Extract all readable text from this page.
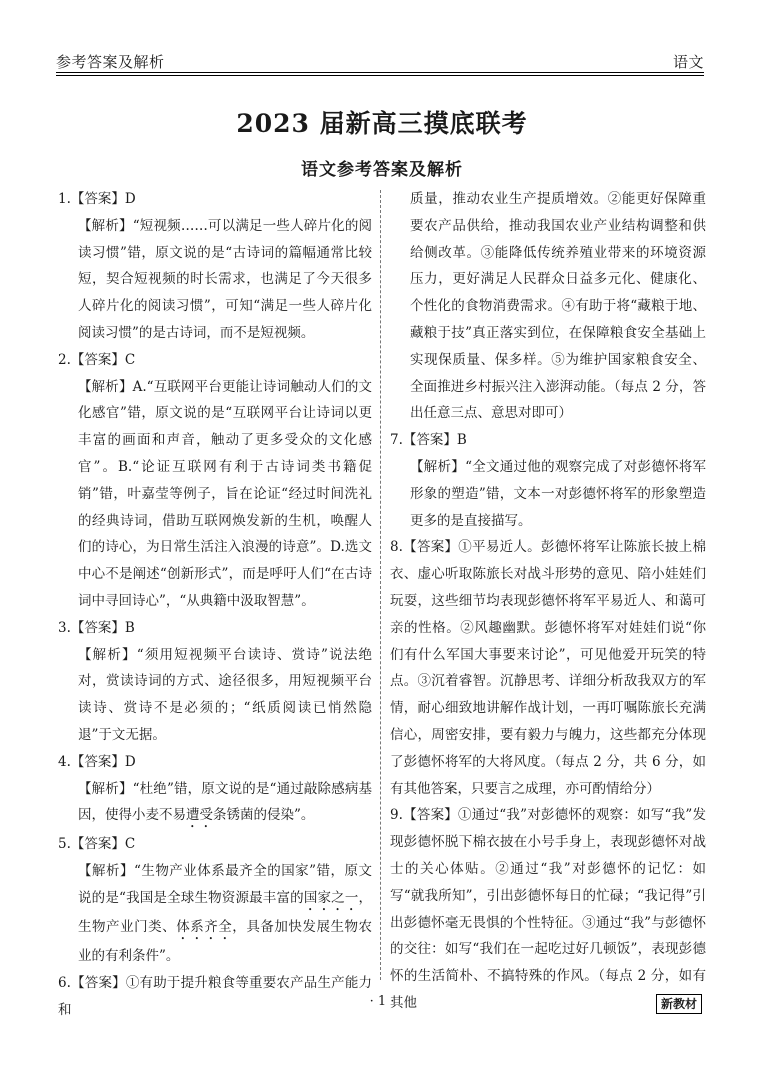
参考答案及解析	语文
2023 届新高三摸底联考
语文参考答案及解析
1.【答案】D
【解析】“短视频……可以满足一些人碎片化的阅读习惯”错，原文说的是“古诗词的篇幅通常比较短，契合短视频的时长需求，也满足了今天很多人碎片化的阅读习惯”，可知“满足一些人碎片化阅读习惯”的是古诗词，而不是短视频。
2.【答案】C
【解析】A.“互联网平台更能让诗词触动人们的文化感官”错，原文说的是“互联网平台让诗词以更丰富的画面和声音，触动了更多受众的文化感官”。B.“论证互联网有利于古诗词类书籍促销”错，叶嘉莹等例子，旨在论证“经过时间洗礼的经典诗词，借助互联网焕发新的生机，唤醒人们的诗心，为日常生活注入浪漫的诗意”。D.选文中心不是阐述“创新形式”，而是呼吁人们“在古诗词中寻回诗心”，“从典籍中汲取智慧”。
3.【答案】B
【解析】“须用短视频平台读诗、赏诗”说法绝对，赏读诗词的方式、途径很多，用短视频平台读诗、赏诗不是必须的；“纸质阅读已悄然隐退”于文无据。
4.【答案】D
【解析】“杜绝”错，原文说的是“通过敲除感病基因，使得小麦不易遭受条锈菌的侵染”。
5.【答案】C
【解析】“生物产业体系最齐全的国家”错，原文说的是“我国是全球生物资源最丰富的国家之一，生物产业门类、体系齐全，具备加快发展生物农业的有利条件”。
6.【答案】①有助于提升粮食等重要农产品生产能力和
质量，推动农业生产提质增效。②能更好保障重要农产品供给，推动我国农业产业结构调整和供给侧改革。③能降低传统养殖业带来的环境资源压力，更好满足人民群众日益多元化、健康化、个性化的食物消费需求。④有助于将“藏粮于地、藏粮于技”真正落实到位，在保障粮食安全基础上实现保质量、保多样。⑤为维护国家粮食安全、全面推进乡村振兴注入澎湃动能。（每点 2 分，答出任意三点、意思对即可）
7.【答案】B
【解析】“全文通过他的观察完成了对彭德怀将军形象的塑造”错，文本一对彭德怀将军的形象塑造更多的是直接描写。
8.【答案】①平易近人。彭德怀将军让陈旅长披上棉衣、虚心听取陈旅长对战斗形势的意见、陪小娃娃们玩耍，这些细节均表现彭德怀将军平易近人、和蔼可亲的性格。②风趣幽默。彭德怀将军对娃娃们说“你们有什么军国大事要来讨论”，可见他爱开玩笑的特点。③沉着睿智。沉静思考、详细分析敌我双方的军情，耐心细致地讲解作战计划，一再叮嘱陈旅长充满信心，周密安排，要有毅力与魄力，这些都充分体现了彭德怀将军的大将风度。（每点 2 分，共 6 分，如有其他答案，只要言之成理，亦可酌情给分）
9.【答案】①通过“我”对彭德怀的观察：如写“我”发现彭德怀脱下棉衣披在小号手身上，表现彭德怀对战士的关心体贴。②通过“我”对彭德怀的记忆：如写“就我所知”，引出彭德怀每日的忙碌；“我记得”引出彭德怀毫无畏惧的个性特征。③通过“我”与彭德怀的交往：如写“我们在一起吃过好几顿饭”，表现彭德怀的生活简朴、不搞特殊的作风。（每点 2 分，如有其他
· 1 ·	新教材
